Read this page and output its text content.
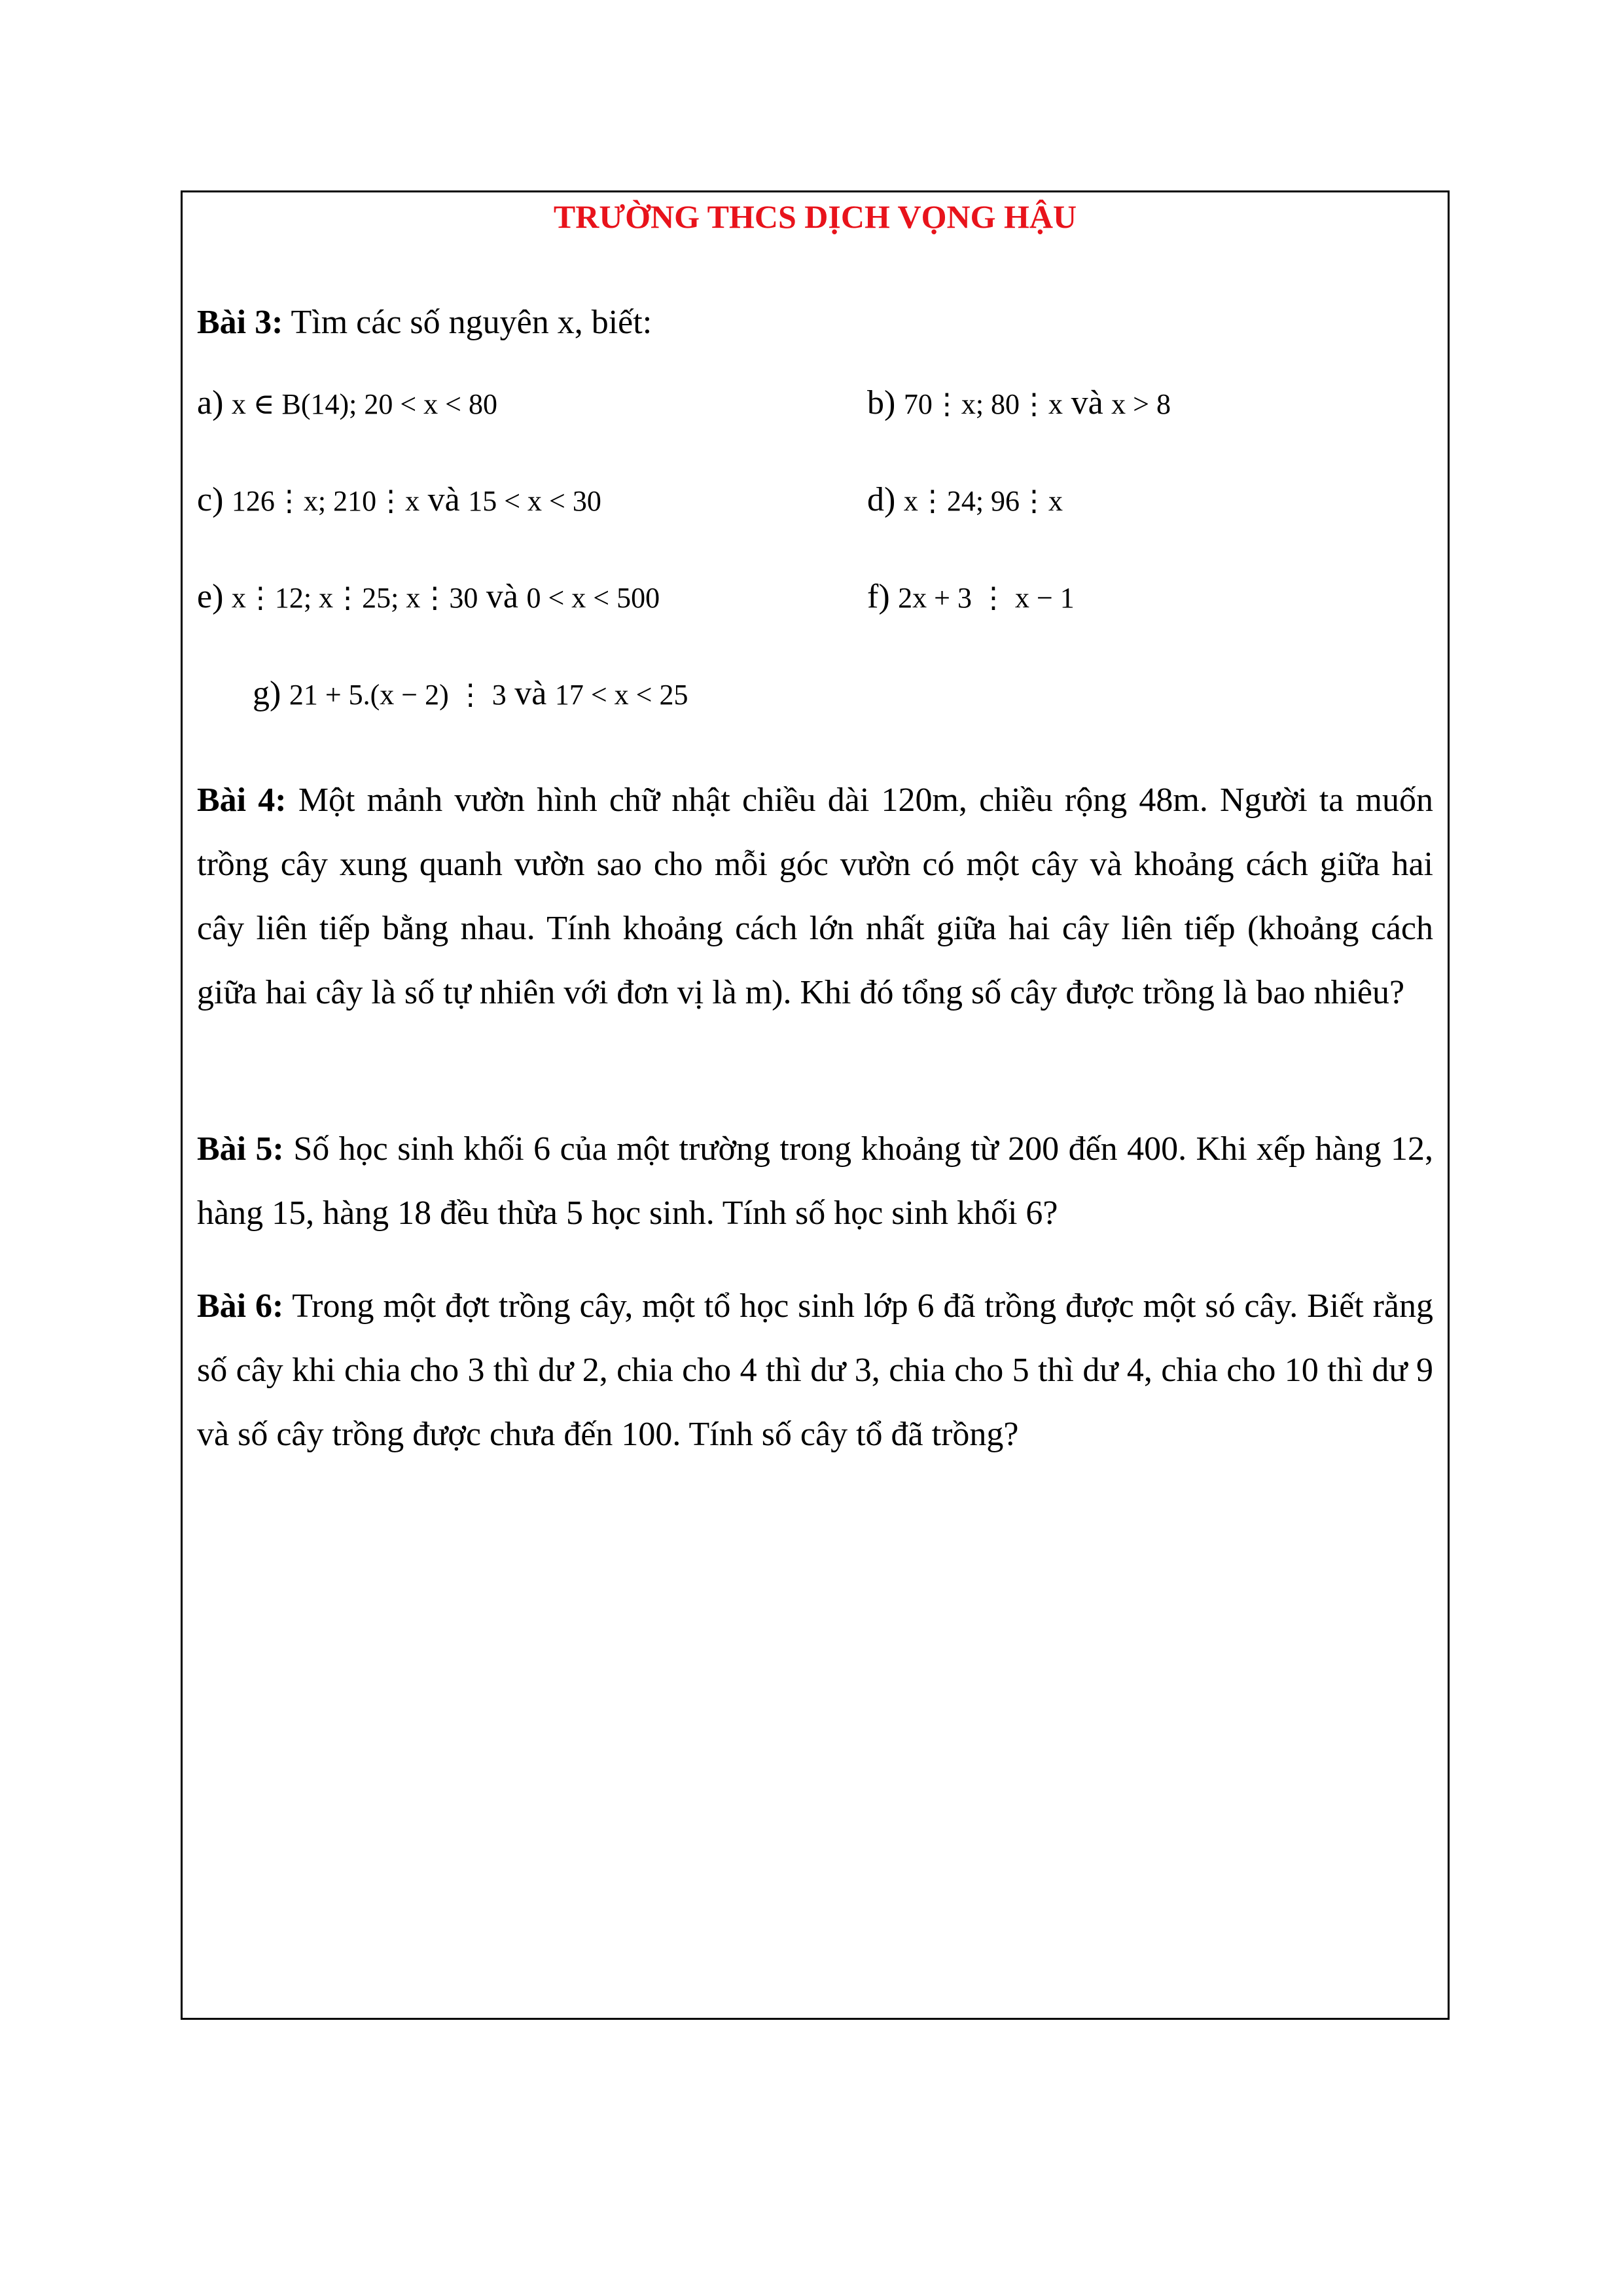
TRƯỜNG THCS DỊCH VỌNG HẬU

Bài 3: Tìm các số nguyên x, biết:

a) x ∈ B(14); 20 < x < 80	b) 70⋮x; 80⋮x và x > 8
c) 126⋮x; 210⋮x và 15 < x < 30	d) x⋮24; 96⋮x
e) x⋮12; x⋮25; x⋮30 và 0 < x < 500	f) 2x + 3 ⋮ x − 1
g) 21 + 5.(x − 2) ⋮ 3 và 17 < x < 25

Bài 4: Một mảnh vườn hình chữ nhật chiều dài 120m, chiều rộng 48m. Người ta muốn trồng cây xung quanh vườn sao cho mỗi góc vườn có một cây và khoảng cách giữa hai cây liên tiếp bằng nhau. Tính khoảng cách lớn nhất giữa hai cây liên tiếp (khoảng cách giữa hai cây là số tự nhiên với đơn vị là m). Khi đó tổng số cây được trồng là bao nhiêu?

Bài 5: Số học sinh khối 6 của một trường trong khoảng từ 200 đến 400. Khi xếp hàng 12, hàng 15, hàng 18 đều thừa 5 học sinh. Tính số học sinh khối 6?

Bài 6: Trong một đợt trồng cây, một tổ học sinh lớp 6 đã trồng được một só cây. Biết rằng số cây khi chia cho 3 thì dư 2, chia cho 4 thì dư 3, chia cho 5 thì dư 4, chia cho 10 thì dư 9 và số cây trồng được chưa đến 100. Tính số cây tổ đã trồng?
